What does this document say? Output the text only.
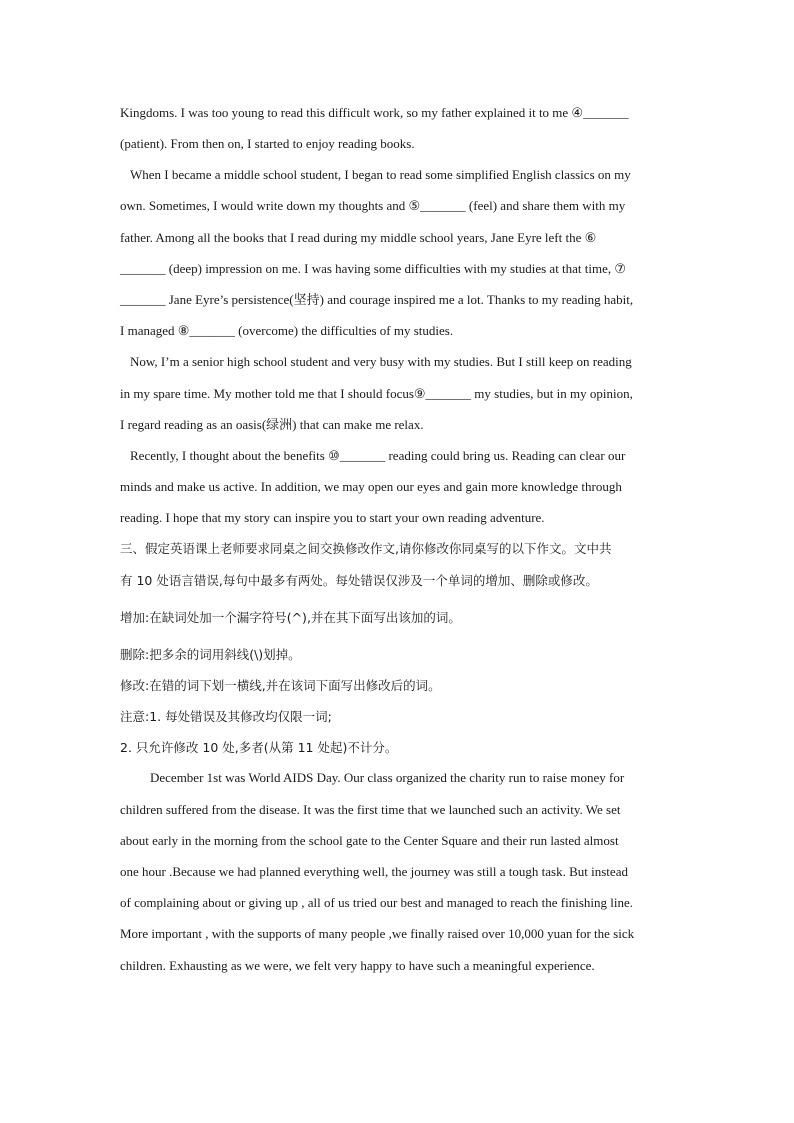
Kingdoms. I was too young to read this difficult work, so my father explained it to me ④_______
(patient). From then on, I started to enjoy reading books.
When I became a middle school student, I began to read some simplified English classics on my
own. Sometimes, I would write down my thoughts and ⑤_______ (feel) and share them with my
father. Among all the books that I read during my middle school years, Jane Eyre left the ⑥
_______ (deep) impression on me. I was having some difficulties with my studies at that time, ⑦
_______ Jane Eyre’s persistence(坚持) and courage inspired me a lot. Thanks to my reading habit,
I managed ⑧_______ (overcome) the difficulties of my studies.
Now, I’m a senior high school student and very busy with my studies. But I still keep on reading
in my spare time. My mother told me that I should focus⑨_______ my studies, but in my opinion,
I regard reading as an oasis(绿洲) that can make me relax.
Recently, I thought about the benefits ⑩_______ reading could bring us. Reading can clear our
minds and make us active. In addition, we may open our eyes and gain more knowledge through
reading. I hope that my story can inspire you to start your own reading adventure.
三、假定英语课上老师要求同桌之间交换修改作文,请你修改你同桌写的以下作文。文中共
有 10 处语言错误,每句中最多有两处。每处错误仅涉及一个单词的增加、删除或修改。
增加:在缺词处加一个漏字符号(^),并在其下面写出该加的词。
删除:把多余的词用斜线(\)划掉。
修改:在错的词下划一横线,并在该词下面写出修改后的词。
注意:1. 每处错误及其修改均仅限一词;
2. 只允许修改 10 处,多者(从第 11 处起)不计分。
December 1st was World AIDS Day. Our class organized the charity run to raise money for
children suffered from the disease. It was the first time that we launched such an activity. We set
about early in the morning from the school gate to the Center Square and their run lasted almost
one hour .Because we had planned everything well, the journey was still a tough task. But instead
of complaining about or giving up , all of us tried our best and managed to reach the finishing line.
More important , with the supports of many people ,we finally raised over 10,000 yuan for the sick
children. Exhausting as we were, we felt very happy to have such a meaningful experience.
